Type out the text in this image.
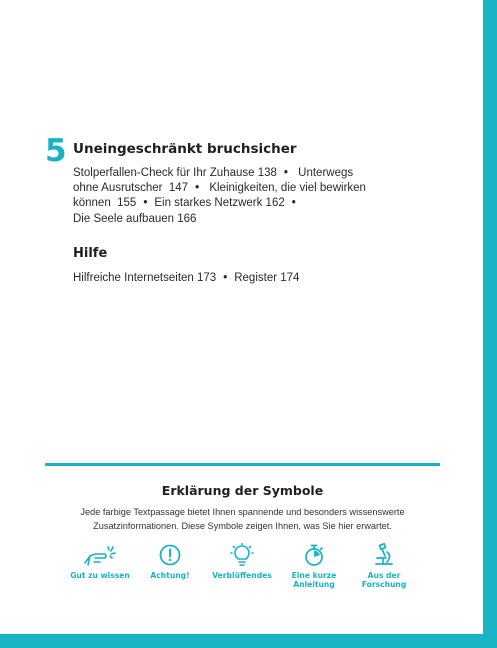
5 Uneingeschränkt bruchsicher
Stolperfallen-Check für Ihr Zuhause 138 • Unterwegs
ohne Ausrutscher  147 • Kleinigkeiten, die viel bewirken
können  155 • Ein starkes Netzwerk 162 •
Die Seele aufbauen 166
Hilfe
Hilfreiche Internetseiten 173 • Register 174
Erklärung der Symbole
Jede farbige Textpassage bietet Ihnen spannende und besonders wissenswerte
Zusatzinformationen. Diese Symbole zeigen Ihnen, was Sie hier erwartet.
Gut zu wissen	Achtung!	Verblüffendes	Eine kurze
Anleitung
Aus der
Forschung
